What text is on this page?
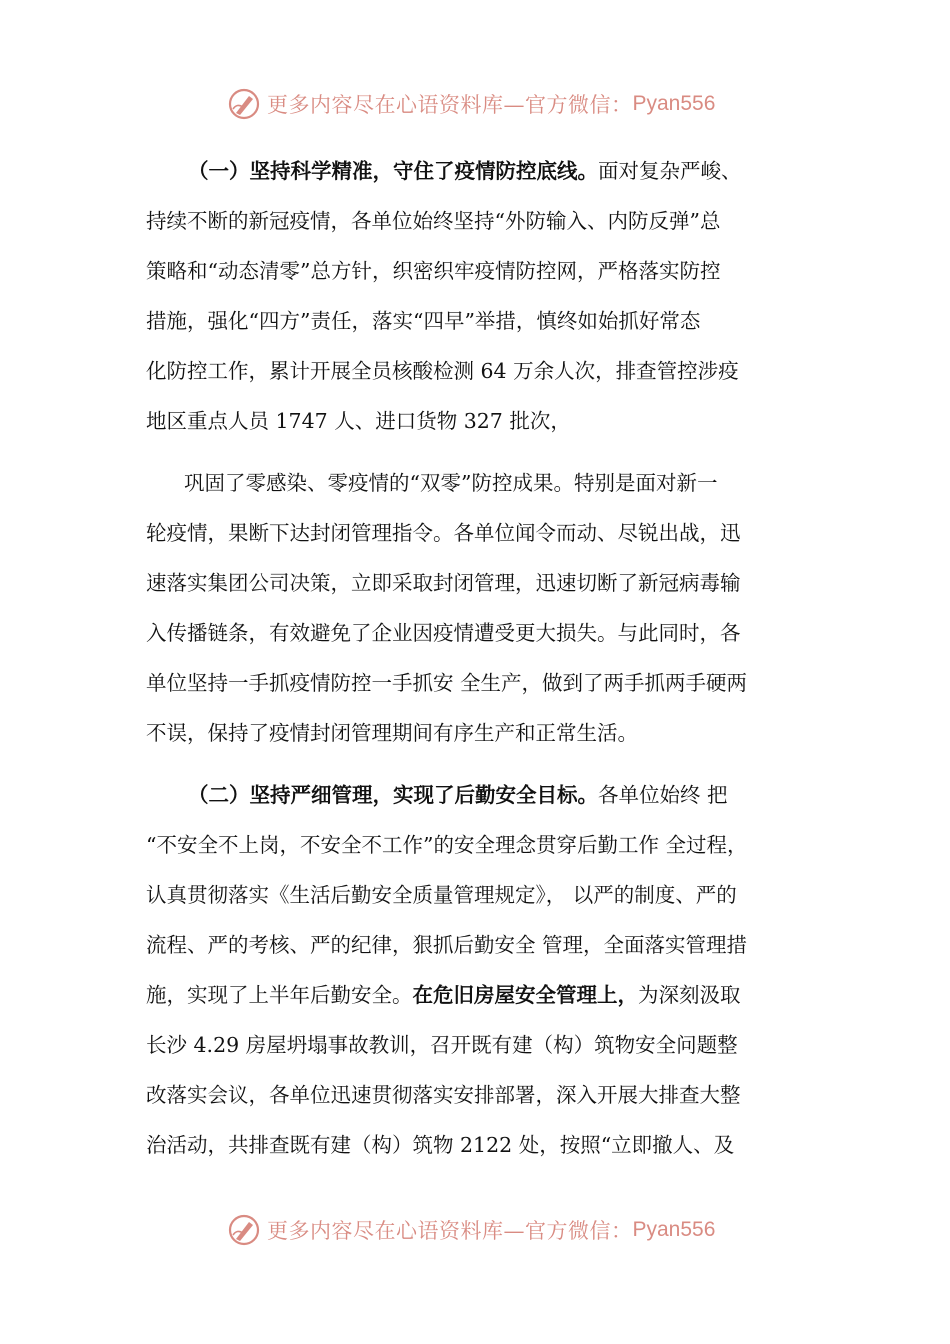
更多内容尽在心语资料库—官方微信： Pyan556
（一）坚持科学精准，守住了疫情防控底线。面对复杂严峻、
持续不断的新冠疫情，各单位始终坚持“外防输入、内防反弹”总
策略和“动态清零”总方针，织密织牢疫情防控网，严格落实防控
措施，强化“四方”责任，落实“四早”举措，慎终如始抓好常态
化防控工作，累计开展全员核酸检测 64 万余人次，排查管控涉疫
地区重点人员 1747 人、进口货物 327 批次，
巩固了零感染、零疫情的“双零”防控成果。特别是面对新一
轮疫情，果断下达封闭管理指令。各单位闻令而动、尽锐出战，迅
速落实集团公司决策，立即采取封闭管理，迅速切断了新冠病毒输
入传播链条，有效避免了企业因疫情遭受更大损失。与此同时，各
单位坚持一手抓疫情防控一手抓安 全生产，做到了两手抓两手硬两
不误，保持了疫情封闭管理期间有序生产和正常生活。
（二）坚持严细管理，实现了后勤安全目标。各单位始终 把
“不安全不上岗，不安全不工作”的安全理念贯穿后勤工作 全过程，
认真贯彻落实《生活后勤安全质量管理规定》， 以严的制度、严的
流程、严的考核、严的纪律，狠抓后勤安全 管理，全面落实管理措
施，实现了上半年后勤安全。在危旧房屋安全管理上，为深刻汲取
长沙 4.29 房屋坍塌事故教训，召开既有建（构）筑物安全问题整
改落实会议，各单位迅速贯彻落实安排部署，深入开展大排查大整
治活动，共排查既有建（构）筑物 2122 处，按照“立即撤人、及
更多内容尽在心语资料库—官方微信： Pyan556
